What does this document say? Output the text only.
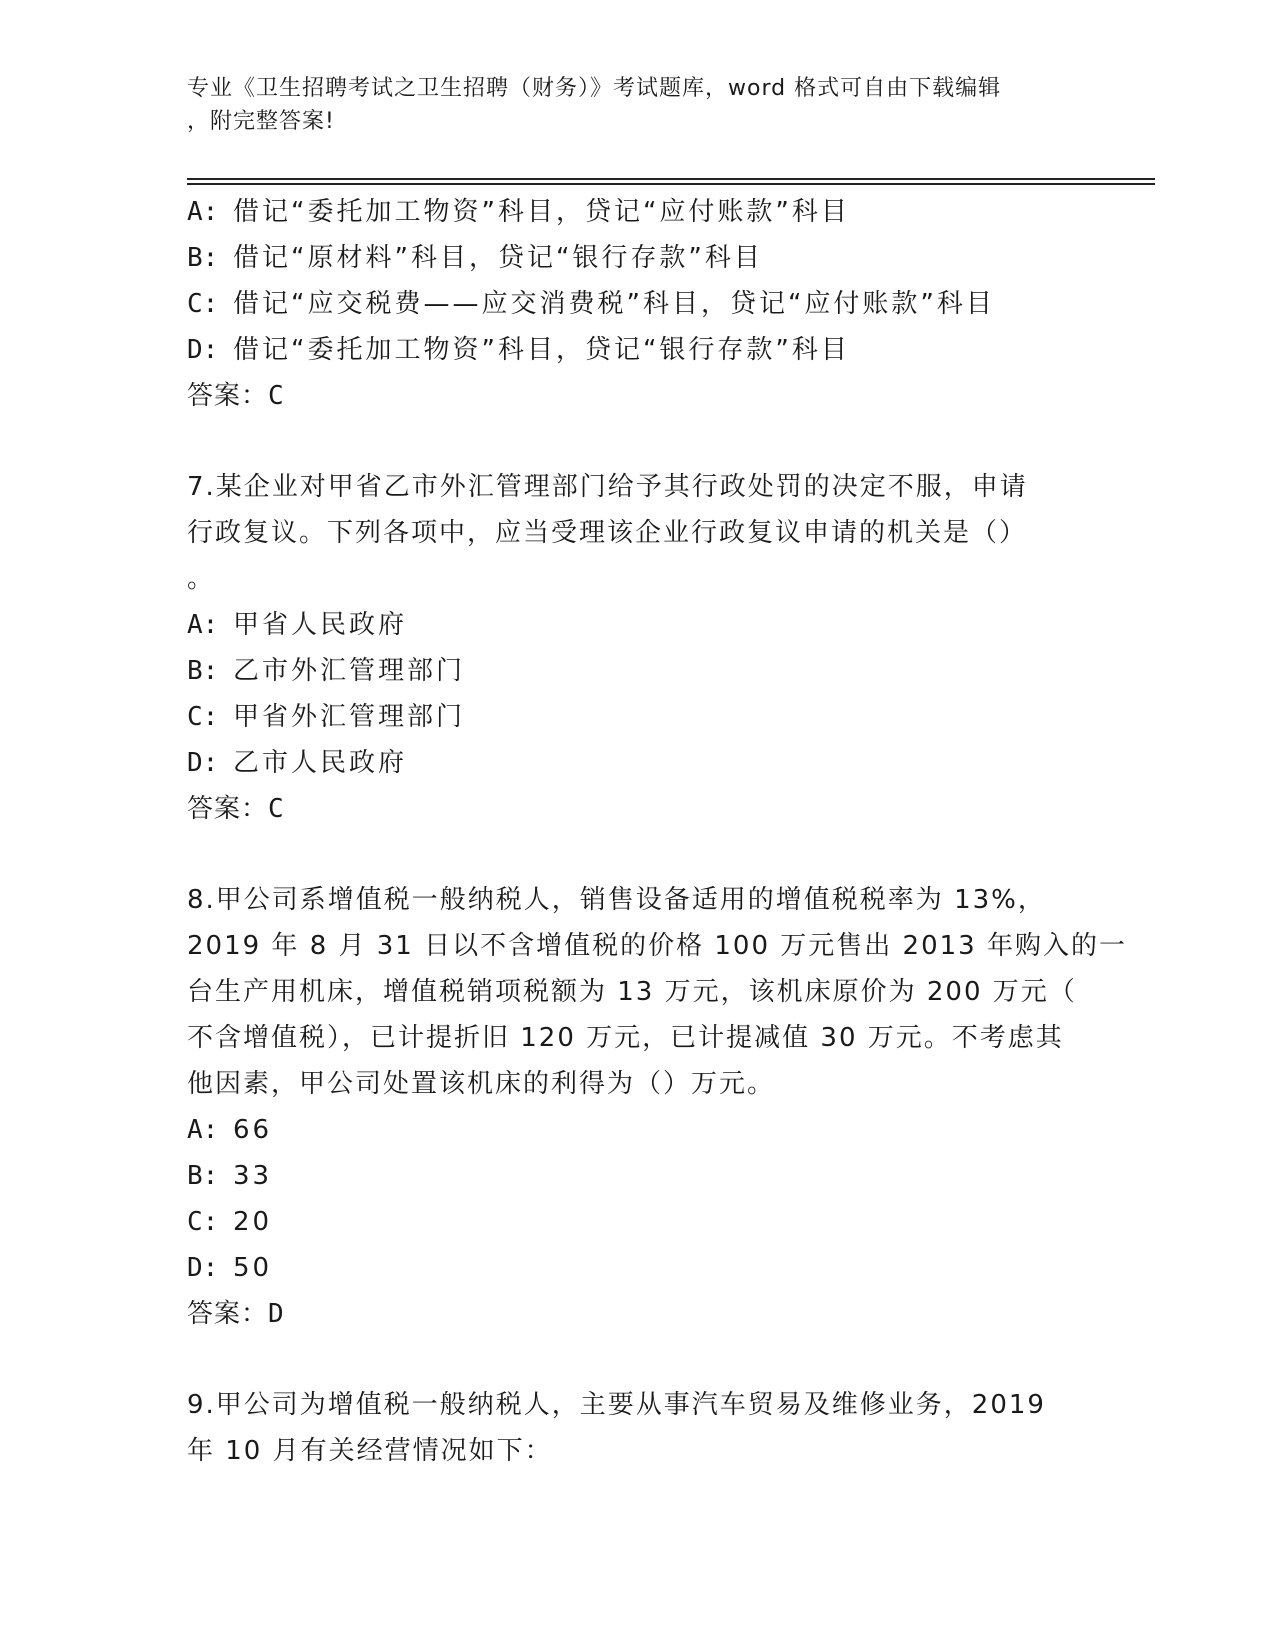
专业《卫生招聘考试之卫生招聘（财务）》考试题库，word 格式可自由下载编辑
，附完整答案!
A: 借记“委托加工物资”科目，贷记“应付账款”科目
B: 借记“原材料”科目，贷记“银行存款”科目
C: 借记“应交税费——应交消费税”科目，贷记“应付账款”科目
D: 借记“委托加工物资”科目，贷记“银行存款”科目
答案：C
7.某企业对甲省乙市外汇管理部门给予其行政处罚的决定不服，申请
行政复议。下列各项中，应当受理该企业行政复议申请的机关是（）
。
A: 甲省人民政府
B: 乙市外汇管理部门
C: 甲省外汇管理部门
D: 乙市人民政府
答案：C
8.甲公司系增值税一般纳税人，销售设备适用的增值税税率为 13%，
2019 年 8 月 31 日以不含增值税的价格 100 万元售出 2013 年购入的一
台生产用机床，增值税销项税额为 13 万元，该机床原价为 200 万元（
不含增值税），已计提折旧 120 万元，已计提减值 30 万元。不考虑其
他因素，甲公司处置该机床的利得为（）万元。
A: 66
B: 33
C: 20
D: 50
答案：D
9.甲公司为增值税一般纳税人，主要从事汽车贸易及维修业务，2019
年 10 月有关经营情况如下：
